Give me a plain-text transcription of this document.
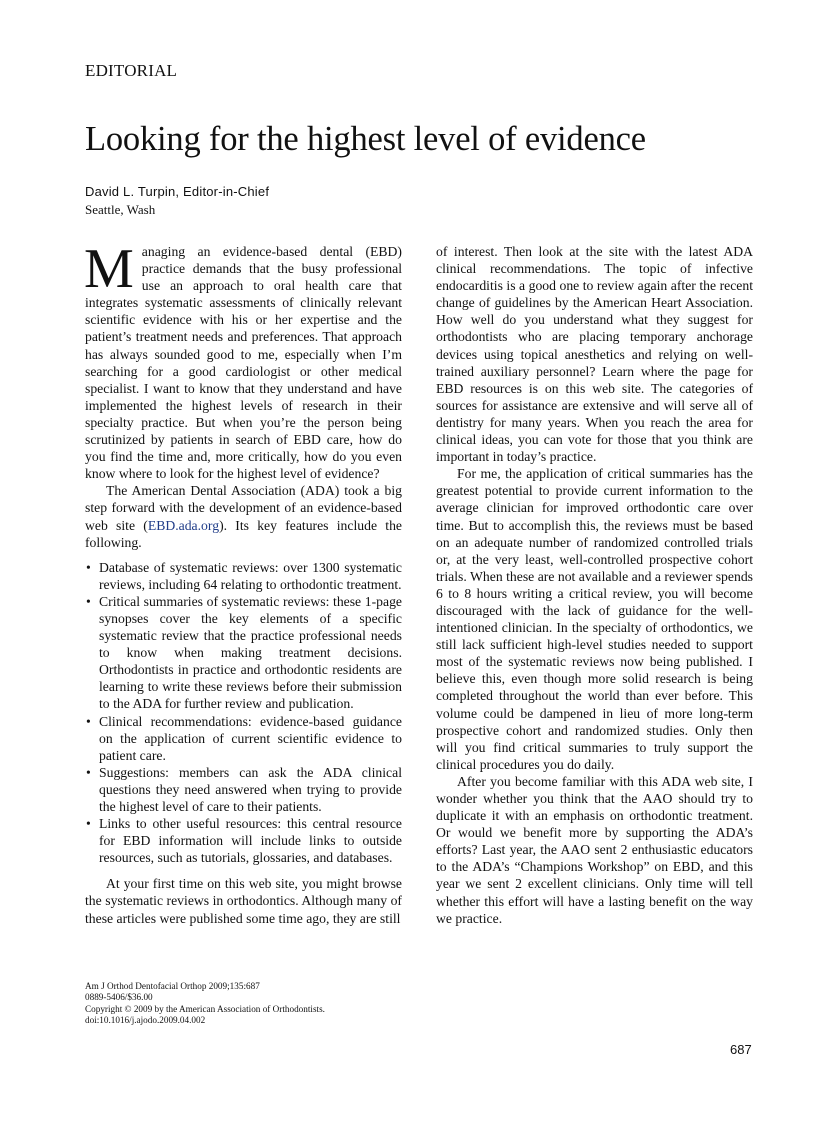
EDITORIAL
Looking for the highest level of evidence
David L. Turpin, Editor-in-Chief
Seattle, Wash

Managing an evidence-based dental (EBD) practice demands that the busy professional use an approach to oral health care that integrates systematic assessments of clinically relevant scientific evidence with his or her expertise and the patient’s treatment needs and preferences. That approach has always sounded good to me, especially when I’m searching for a good cardiologist or other medical specialist. I want to know that they understand and have implemented the highest levels of research in their specialty practice. But when you’re the person being scrutinized by patients in search of EBD care, how do you find the time and, more critically, how do you even know where to look for the highest level of evidence?

The American Dental Association (ADA) took a big step forward with the development of an evidence-based web site (EBD.ada.org). Its key features include the following.

• Database of systematic reviews: over 1300 systematic reviews, including 64 relating to orthodontic treatment.
• Critical summaries of systematic reviews: these 1-page synopses cover the key elements of a specific systematic review that the practice professional needs to know when making treatment decisions. Orthodontists in practice and orthodontic residents are learning to write these reviews before their submission to the ADA for further review and publication.
• Clinical recommendations: evidence-based guidance on the application of current scientific evidence to patient care.
• Suggestions: members can ask the ADA clinical questions they need answered when trying to provide the highest level of care to their patients.
• Links to other useful resources: this central resource for EBD information will include links to outside resources, such as tutorials, glossaries, and databases.

At your first time on this web site, you might browse the systematic reviews in orthodontics. Although many of these articles were published some time ago, they are still

of interest. Then look at the site with the latest ADA clinical recommendations. The topic of infective endocarditis is a good one to review again after the recent change of guidelines by the American Heart Association. How well do you understand what they suggest for orthodontists who are placing temporary anchorage devices using topical anesthetics and relying on well-trained auxiliary personnel? Learn where the page for EBD resources is on this web site. The categories of sources for assistance are extensive and will serve all of dentistry for many years. When you reach the area for clinical ideas, you can vote for those that you think are important in today’s practice.

For me, the application of critical summaries has the greatest potential to provide current information to the average clinician for improved orthodontic care over time. But to accomplish this, the reviews must be based on an adequate number of randomized controlled trials or, at the very least, well-controlled prospective cohort trials. When these are not available and a reviewer spends 6 to 8 hours writing a critical review, you will become discouraged with the lack of guidance for the well-intentioned clinician. In the specialty of orthodontics, we still lack sufficient high-level studies needed to support most of the systematic reviews now being published. I believe this, even though more solid research is being completed throughout the world than ever before. This volume could be dampened in lieu of more long-term prospective cohort and randomized studies. Only then will you find critical summaries to truly support the clinical procedures you do daily.

After you become familiar with this ADA web site, I wonder whether you think that the AAO should try to duplicate it with an emphasis on orthodontic treatment. Or would we benefit more by supporting the ADA’s efforts? Last year, the AAO sent 2 enthusiastic educators to the ADA’s “Champions Workshop” on EBD, and this year we sent 2 excellent clinicians. Only time will tell whether this effort will have a lasting benefit on the way we practice.

Am J Orthod Dentofacial Orthop 2009;135:687
0889-5406/$36.00
Copyright © 2009 by the American Association of Orthodontists.
doi:10.1016/j.ajodo.2009.04.002
687
